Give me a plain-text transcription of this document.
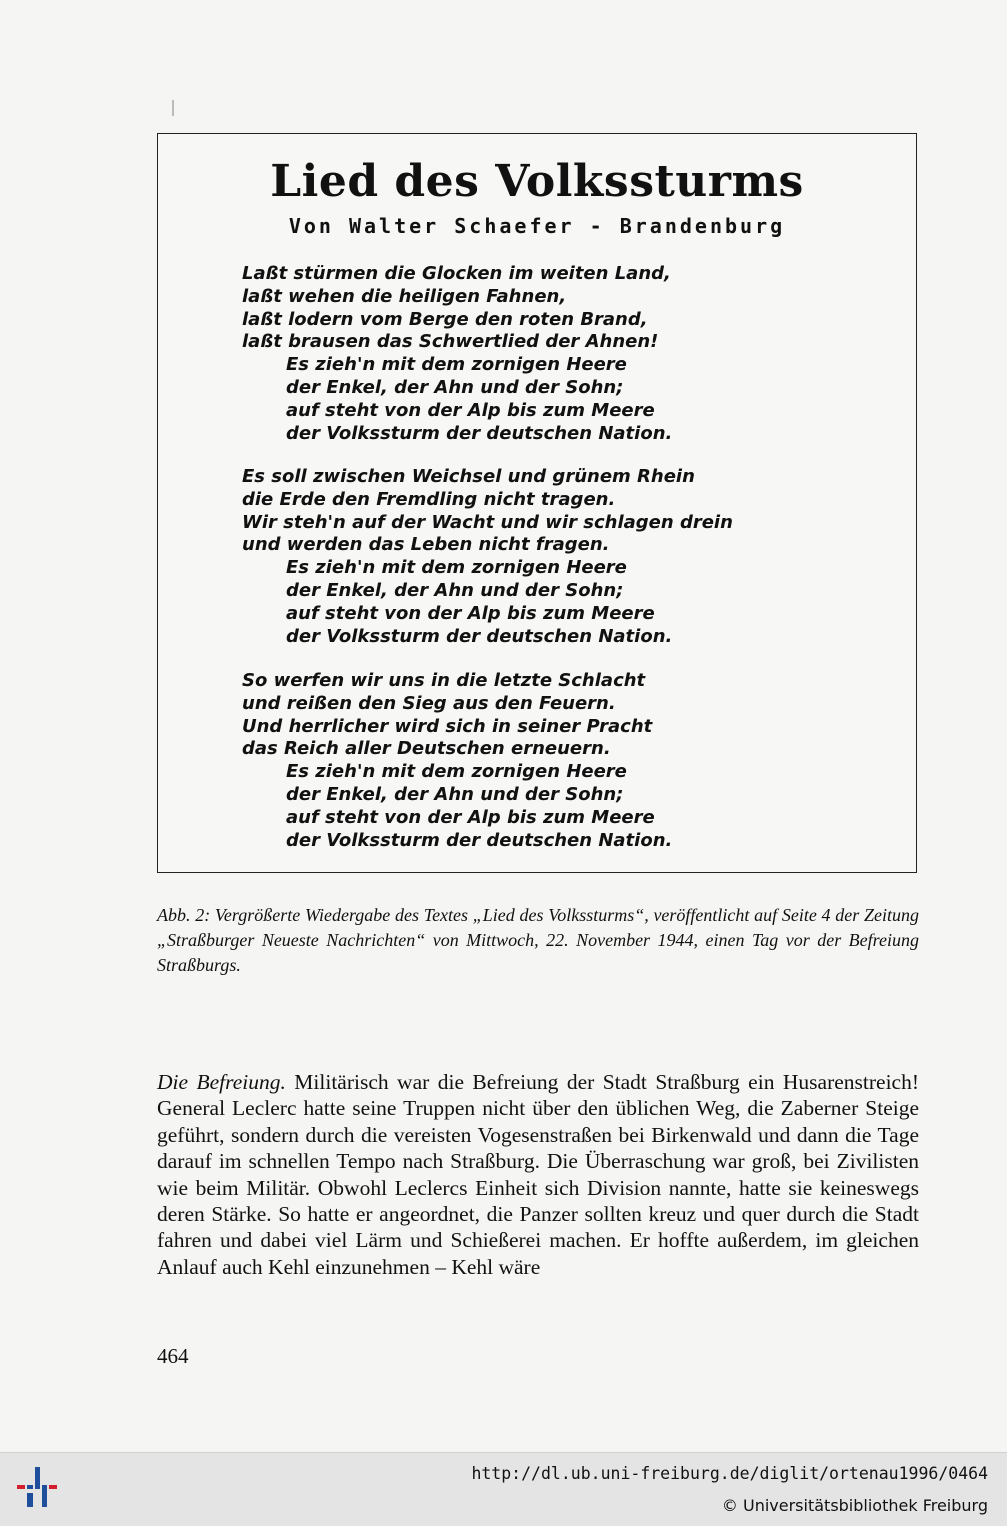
Lied des Volkssturms

Von Walter Schaefer - Brandenburg

Laßt stürmen die Glocken im weiten Land,

laßt wehen die heiligen Fahnen,

laßt lodern vom Berge den roten Brand,

laßt brausen das Schwertlied der Ahnen!

Es zieh'n mit dem zornigen Heere

der Enkel, der Ahn und der Sohn;

auf steht von der Alp bis zum Meere

der Volkssturm der deutschen Nation.

Es soll zwischen Weichsel und grünem Rhein

die Erde den Fremdling nicht tragen.

Wir steh'n auf der Wacht und wir schlagen drein

und werden das Leben nicht fragen.

Es zieh'n mit dem zornigen Heere

der Enkel, der Ahn und der Sohn;

auf steht von der Alp bis zum Meere

der Volkssturm der deutschen Nation.

So werfen wir uns in die letzte Schlacht

und reißen den Sieg aus den Feuern.

Und herrlicher wird sich in seiner Pracht

das Reich aller Deutschen erneuern.

Es zieh'n mit dem zornigen Heere

der Enkel, der Ahn und der Sohn;

auf steht von der Alp bis zum Meere

der Volkssturm der deutschen Nation.

Abb. 2: Vergrößerte Wiedergabe des Textes „Lied des Volkssturms“, veröffentlicht auf Seite 4 der Zeitung „Straßburger Neueste Nachrichten“ von Mittwoch, 22. November 1944, einen Tag vor der Befreiung Straßburgs.

Die Befreiung. Militärisch war die Befreiung der Stadt Straßburg ein Husarenstreich! General Leclerc hatte seine Truppen nicht über den üblichen Weg, die Zaberner Steige geführt, sondern durch die vereisten Vogesenstraßen bei Birkenwald und dann die Tage darauf im schnellen Tempo nach Straßburg. Die Überraschung war groß, bei Zivilisten wie beim Militär. Obwohl Leclercs Einheit sich Division nannte, hatte sie keineswegs deren Stärke. So hatte er angeordnet, die Panzer sollten kreuz und quer durch die Stadt fahren und dabei viel Lärm und Schießerei machen. Er hoffte außerdem, im gleichen Anlauf auch Kehl einzunehmen – Kehl wäre

464

http://dl.ub.uni-freiburg.de/diglit/ortenau1996/0464

© Universitätsbibliothek Freiburg
